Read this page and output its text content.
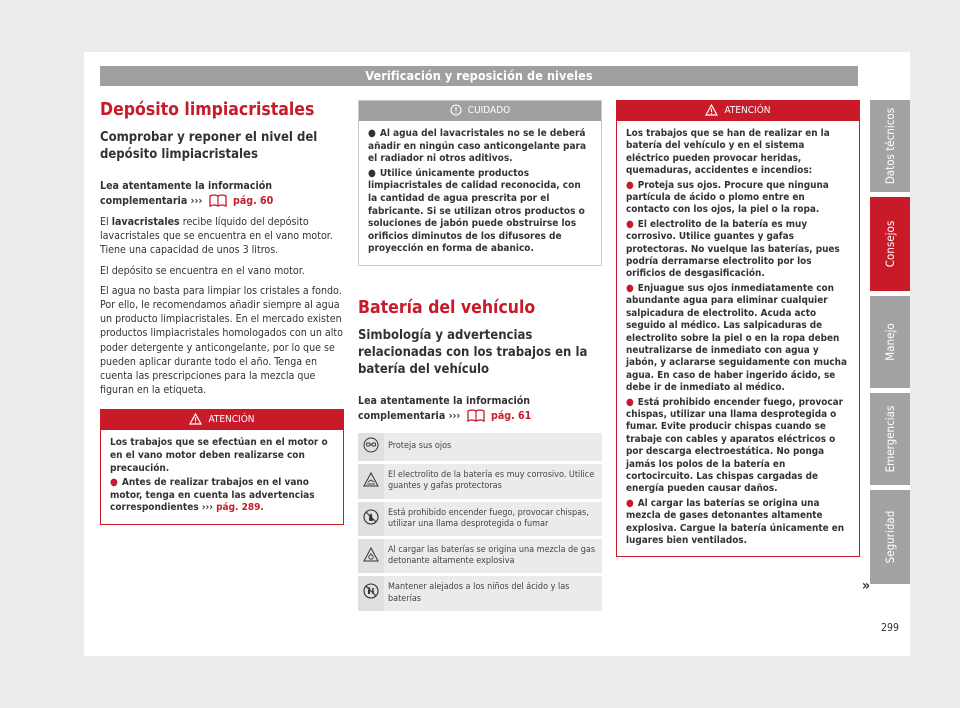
Verificación y reposición de niveles
Depósito limpiacristales
Comprobar y reponer el nivel del depósito limpiacristales

Lea atentamente la información complementaria ›››	pág. 60

El lavacristales recibe líquido del depósito lavacristales que se encuentra en el vano motor. Tiene una capacidad de unos 3 litros.

El depósito se encuentra en el vano motor.

El agua no basta para limpiar los cristales a fondo. Por ello, le recomendamos añadir siempre al agua un producto limpiacristales. En el mercado existen productos limpiacristales homologados con un alto poder detergente y anticongelante, por lo que se pueden aplicar durante todo el año. Tenga en cuenta las prescripciones para la mezcla que figuran en la etiqueta.

ATENCIÓN

Los trabajos que se efectúan en el motor o en el vano motor deben realizarse con precaución.

● Antes de realizar trabajos en el vano motor, tenga en cuenta las advertencias correspondientes ››› pág. 289.

CUIDADO

● Al agua del lavacristales no se le deberá añadir en ningún caso anticongelante para el radiador ni otros aditivos.

● Utilice únicamente productos limpiacristales de calidad reconocida, con la cantidad de agua prescrita por el fabricante. Si se utilizan otros productos o soluciones de jabón puede obstruirse los orificios diminutos de los difusores de proyección en forma de abanico.

Batería del vehículo
Simbología y advertencias relacionadas con los trabajos en la batería del vehículo

Lea atentamente la información complementaria ›››	pág. 61

	Proteja sus ojos
	El electrolito de la batería es muy corrosivo. Utilice guantes y gafas protectoras
	Está prohibido encender fuego, provocar chispas, utilizar una llama desprotegida o fumar
	Al cargar las baterías se origina una mezcla de gas detonante altamente explosiva
	Mantener alejados a los niños del ácido y las baterías
ATENCIÓN

Los trabajos que se han de realizar en la batería del vehículo y en el sistema eléctrico pueden provocar heridas, quemaduras, accidentes e incendios:

● Proteja sus ojos. Procure que ninguna partícula de ácido o plomo entre en contacto con los ojos, la piel o la ropa.

● El electrolito de la batería es muy corrosivo. Utilice guantes y gafas protectoras. No vuelque las baterías, pues podría derramarse electrolito por los orificios de desgasificación.

● Enjuague sus ojos inmediatamente con abundante agua para eliminar cualquier salpicadura de electrolito. Acuda acto seguido al médico. Las salpicaduras de electrolito sobre la piel o en la ropa deben neutralizarse de inmediato con agua y jabón, y aclararse seguidamente con mucha agua. En caso de haber ingerido ácido, se debe ir de inmediato al médico.

● Está prohibido encender fuego, provocar chispas, utilizar una llama desprotegida o fumar. Evite producir chispas cuando se trabaje con cables y aparatos eléctricos o por descarga electroestática. No ponga jamás los polos de la batería en cortocircuito. Las chispas cargadas de energía pueden causar daños.

● Al cargar las baterías se origina una mezcla de gases detonantes altamente explosiva. Cargue la batería únicamente en lugares bien ventilados.

»
Datos técnicos
Consejos
Manejo
Emergencias
Seguridad
299
